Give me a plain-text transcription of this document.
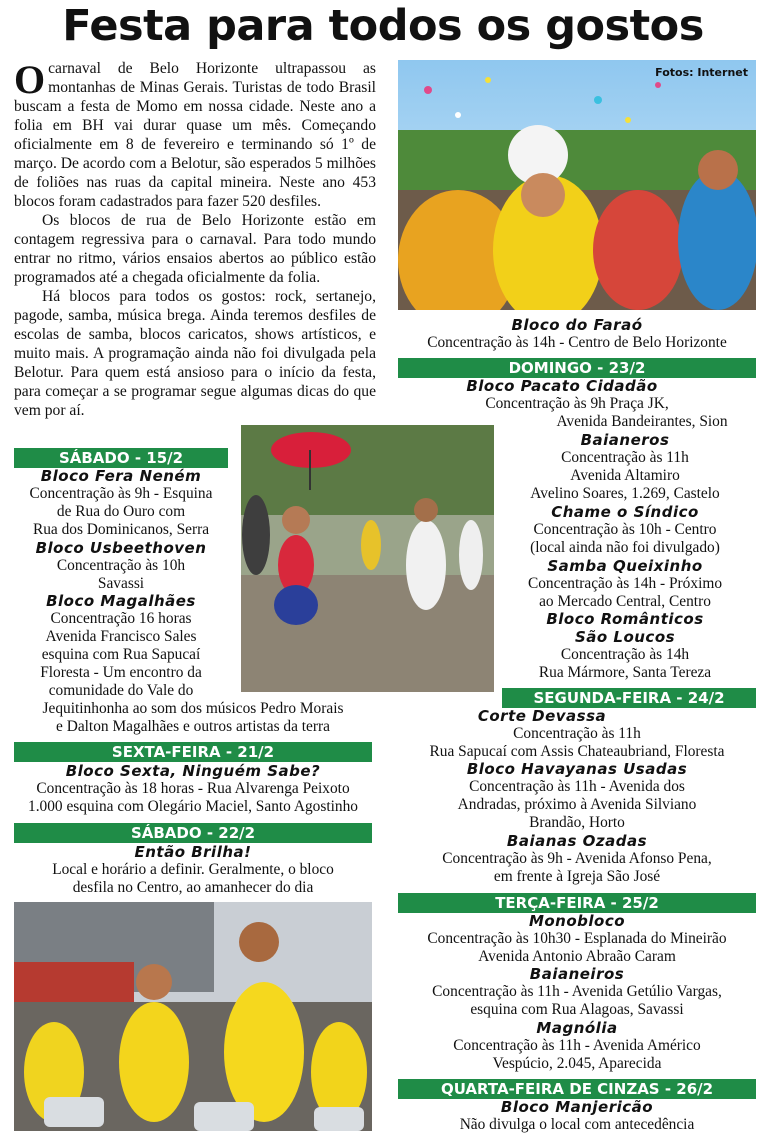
Festa para todos os gostos

Ocarnaval de Belo Horizonte ultrapassou as montanhas de Minas Gerais. Turistas de todo Brasil buscam a festa de Momo em nossa cidade. Neste ano a folia em BH vai durar quase um mês. Começando oficialmente em 8 de fevereiro e terminando só 1º de março. De acordo com a Belotur, são esperados 5 milhões de foliões nas ruas da capital mineira. Neste ano 453 blocos foram cadastrados para fazer 520 desfiles.

Os blocos de rua de Belo Horizonte estão em contagem regressiva para o carnaval. Para todo mundo entrar no ritmo, vários ensaios abertos ao público estão programados até a chegada oficialmente da folia.

Há blocos para todos os gostos: rock, sertanejo, pagode, samba, música brega. Ainda teremos desfiles de escolas de samba, blocos caricatos, shows artísticos, e muito mais. A programação ainda não foi divulgada pela Belotur. Para quem está ansioso para o início da festa, para começar a se programar segue algumas dicas do que vem por aí.

Fotos: Internet
SÁBADO - 15/2
Bloco Fera Neném
Concentração às 9h - Esquina
de Rua do Ouro com
Rua dos Dominicanos, Serra
Bloco Usbeethoven
Concentração às 10h
Savassi
Bloco Magalhães
Concentração 16 horas
Avenida Francisco Sales
esquina com Rua Sapucaí
Floresta - Um encontro da
comunidade do Vale do
Jequitinhonha ao som dos músicos Pedro Morais
e Dalton Magalhães e outros artistas da terra
SEXTA-FEIRA - 21/2
Bloco Sexta, Ninguém Sabe?
Concentração às 18 horas - Rua Alvarenga Peixoto
1.000 esquina com Olegário Maciel, Santo Agostinho
SÁBADO - 22/2
Então Brilha!
Local e horário a definir. Geralmente, o bloco
desfila no Centro, ao amanhecer do dia
Bloco do Faraó
Concentração às 14h - Centro de Belo Horizonte
DOMINGO - 23/2
Bloco Pacato Cidadão
Concentração às 9h Praça JK,
Avenida Bandeirantes, Sion
Baianeros
Concentração às 11h
Avenida Altamiro
Avelino Soares, 1.269, Castelo
Chame o Síndico
Concentração às 10h - Centro
(local ainda não foi divulgado)
Samba Queixinho
Concentração às 14h - Próximo
ao Mercado Central, Centro
Bloco Românticos
São Loucos
Concentração às 14h
Rua Mármore, Santa Tereza
SEGUNDA-FEIRA - 24/2
Corte Devassa
Concentração às 11h
Rua Sapucaí com Assis Chateaubriand, Floresta
Bloco Havayanas Usadas
Concentração às 11h - Avenida dos
Andradas, próximo à Avenida Silviano
Brandão, Horto
Baianas Ozadas
Concentração às 9h - Avenida Afonso Pena,
em frente à Igreja São José
TERÇA-FEIRA - 25/2
Monobloco
Concentração às 10h30 - Esplanada do Mineirão
Avenida Antonio Abraão Caram
Baianeiros
Concentração às 11h - Avenida Getúlio Vargas,
esquina com Rua Alagoas, Savassi
Magnólia
Concentração às 11h - Avenida Américo
Vespúcio, 2.045, Aparecida
QUARTA-FEIRA DE CINZAS - 26/2
Bloco Manjericão
Não divulga o local com antecedência
